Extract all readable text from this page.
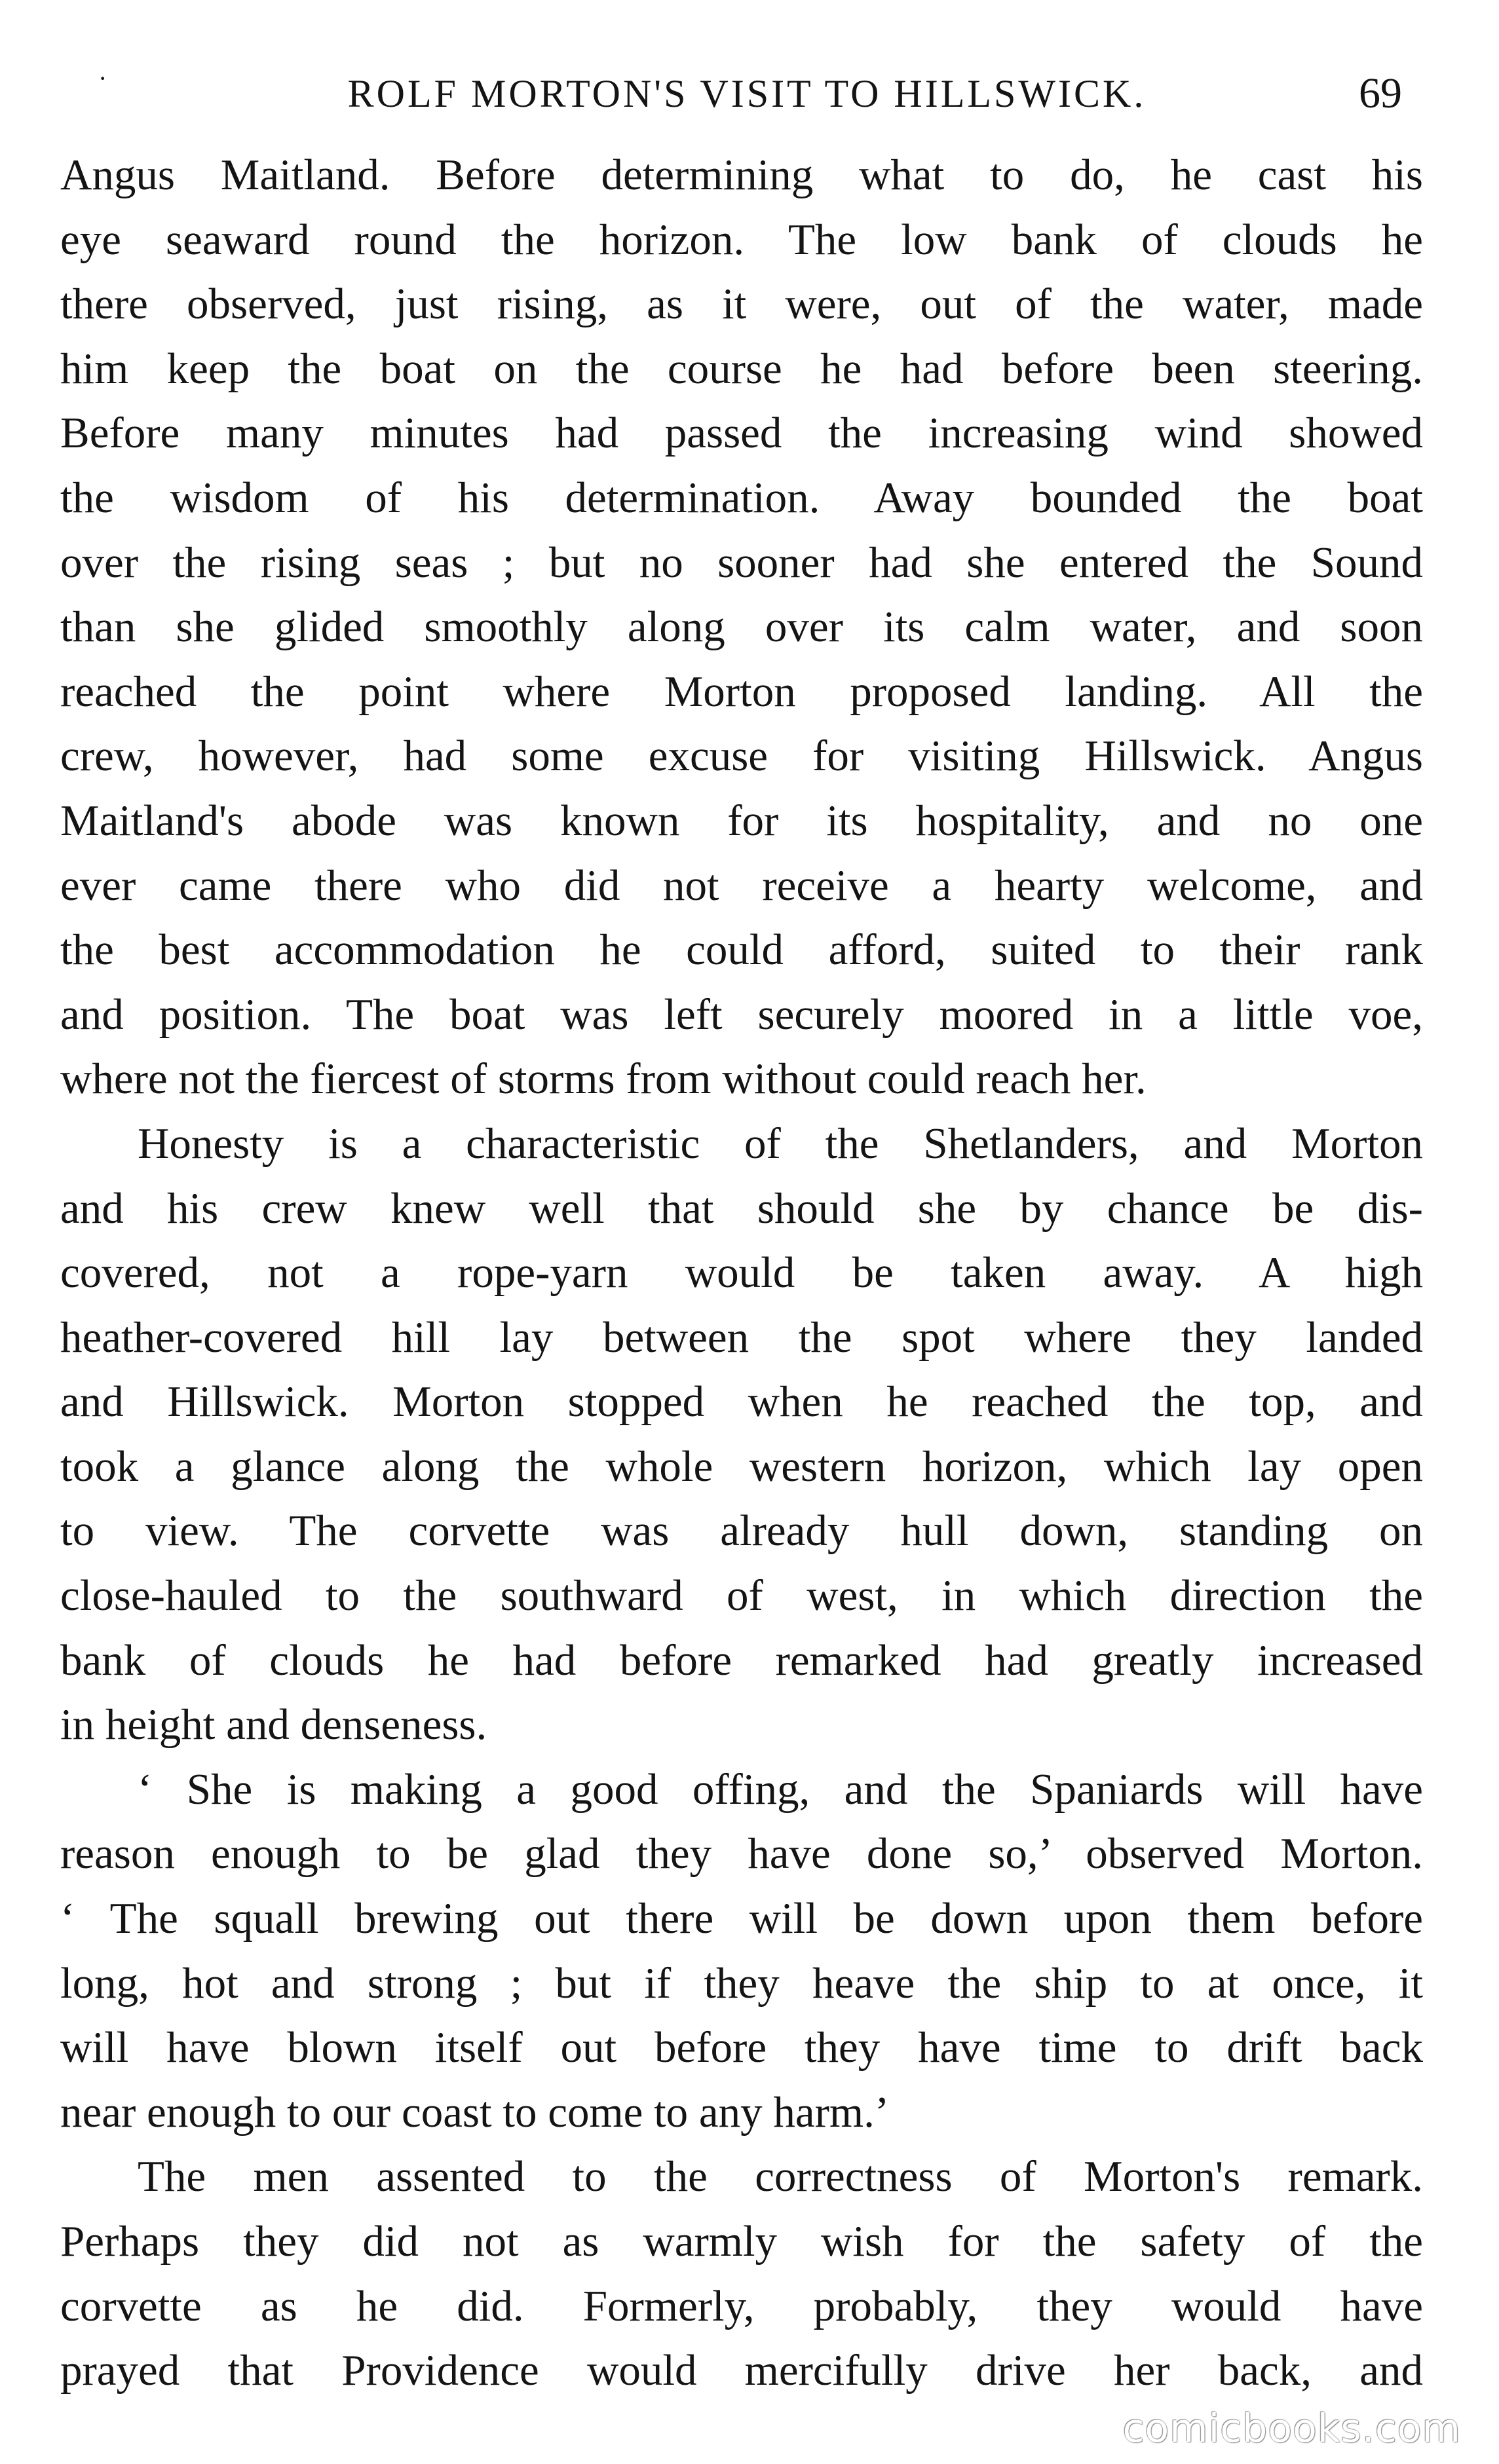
·	ROLF MORTON'S VISIT TO HILLSWICK.	69
Angus Maitland. Before determining what to do, he cast his
eye seaward round the horizon. The low bank of clouds he
there observed, just rising, as it were, out of the water, made
him keep the boat on the course he had before been steering.
Before many minutes had passed the increasing wind showed
the wisdom of his determination. Away bounded the boat
over the rising seas ; but no sooner had she entered the Sound
than she glided smoothly along over its calm water, and soon
reached the point where Morton proposed landing. All the
crew, however, had some excuse for visiting Hillswick. Angus
Maitland's abode was known for its hospitality, and no one
ever came there who did not receive a hearty welcome, and
the best accommodation he could afford, suited to their rank
and position. The boat was left securely moored in a little voe,
where not the fiercest of storms from without could reach her.
Honesty is a characteristic of the Shetlanders, and Morton
and his crew knew well that should she by chance be dis-
covered, not a rope-yarn would be taken away. A high
heather-covered hill lay between the spot where they landed
and Hillswick. Morton stopped when he reached the top, and
took a glance along the whole western horizon, which lay open
to view. The corvette was already hull down, standing on
close-hauled to the southward of west, in which direction the
bank of clouds he had before remarked had greatly increased
in height and denseness.
‘ She is making a good offing, and the Spaniards will have
reason enough to be glad they have done so,’ observed Morton.
‘ The squall brewing out there will be down upon them before
long, hot and strong ; but if they heave the ship to at once, it
will have blown itself out before they have time to drift back
near enough to our coast to come to any harm.’
The men assented to the correctness of Morton's remark.
Perhaps they did not as warmly wish for the safety of the
corvette as he did. Formerly, probably, they would have
prayed that Providence would mercifully drive her back, and
comicbooks.com
